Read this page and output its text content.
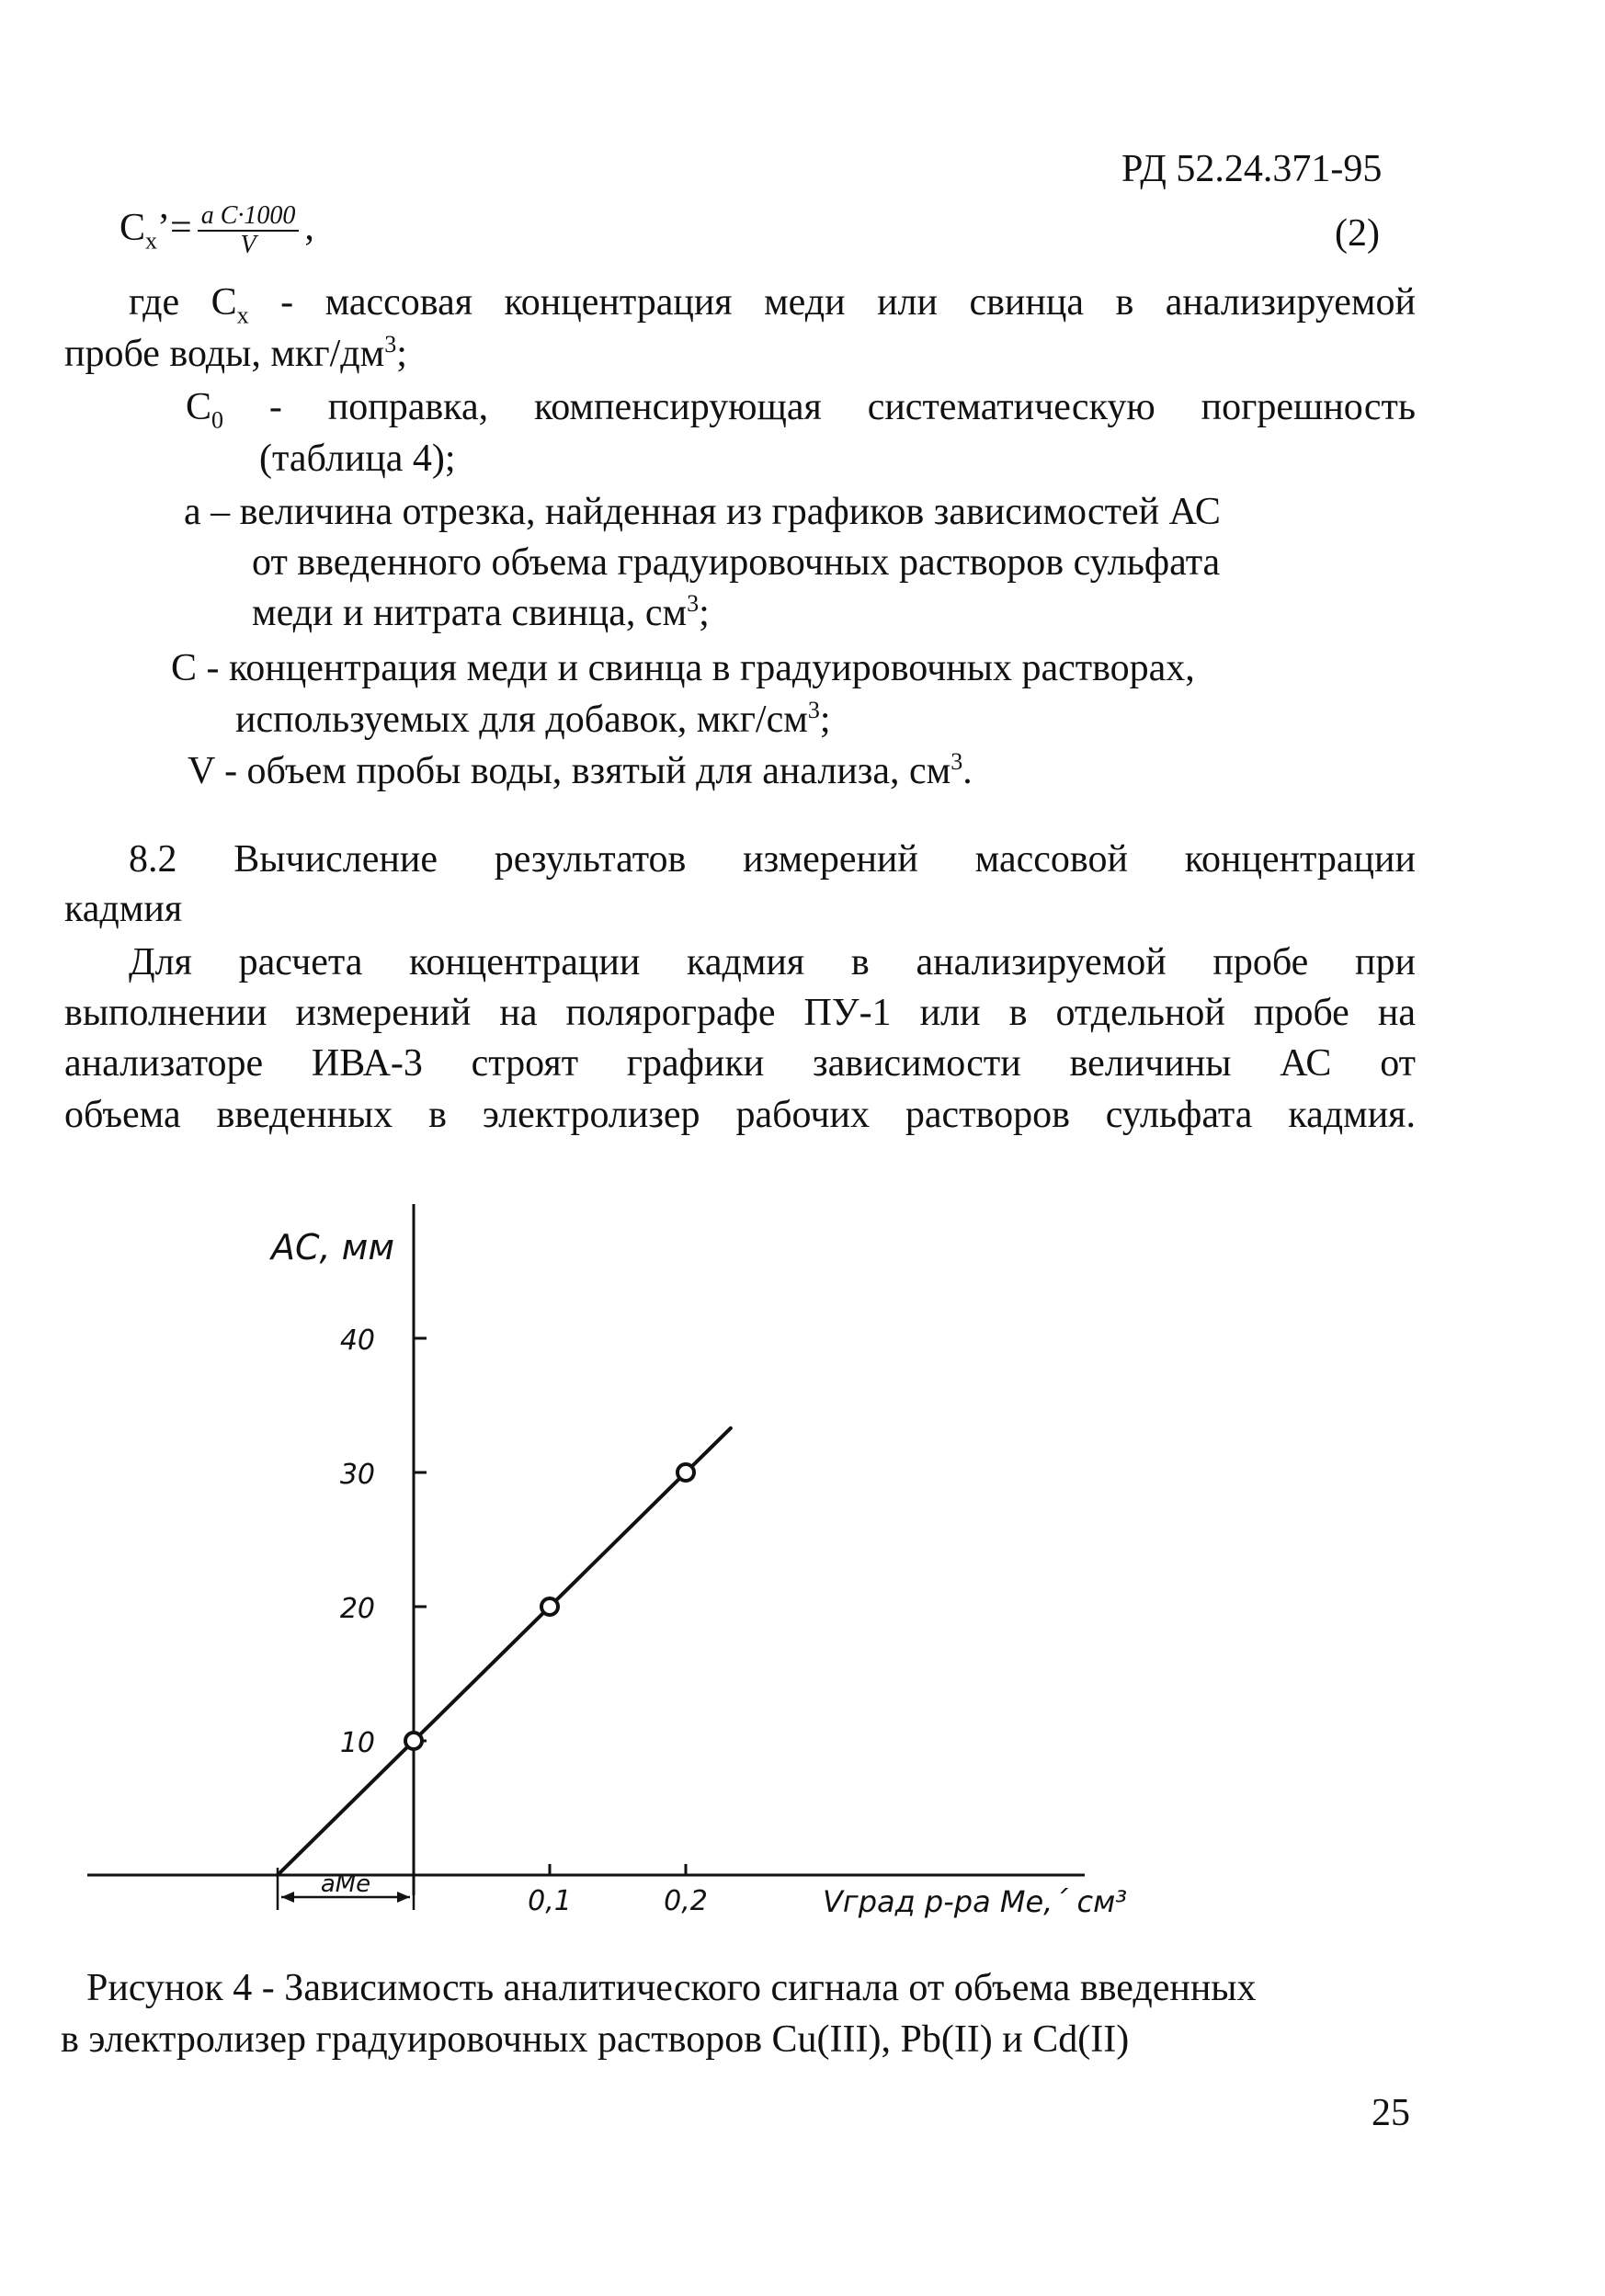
РД 52.24.371-95
$C_x’= \frac{\text{a C·1000}}{V}$ ,	(2)
где $С_x$ - массовая концентрация меди или свинца в анализируемой
пробе воды, мкг/$дм^3$;
$С_0$ - поправка, компенсирующая систематическую погрешность
(таблица 4);
a – величина отрезка, найденная из графиков зависимостей АС
от введенного объема градуировочных растворов сульфата
меди и нитрата свинца, $см^3$;
С - концентрация меди и свинца в градуировочных растворах,
используемых для добавок, мкг/$см^3$;
V - объем пробы воды, взятый для анализа, $см^3$.
8.2 Вычисление результатов измерений массовой концентрации
кадмия
Для расчета концентрации кадмия в анализируемой пробе при
выполнении измерений на полярографе ПУ-1 или в отдельной пробе на
анализаторе ИВА-3 строят графики зависимости величины АС от
объема введенных в электролизер рабочих растворов сульфата кадмия.
10
20
30
40
0,1	0,2
АС, мм
Vград р-ра Ме,´ см³
aМе
Рисунок 4 - Зависимость аналитического сигнала от объема введенных
в электролизер градуировочных растворов Cu(III), Pb(II) и Cd(II)
25
